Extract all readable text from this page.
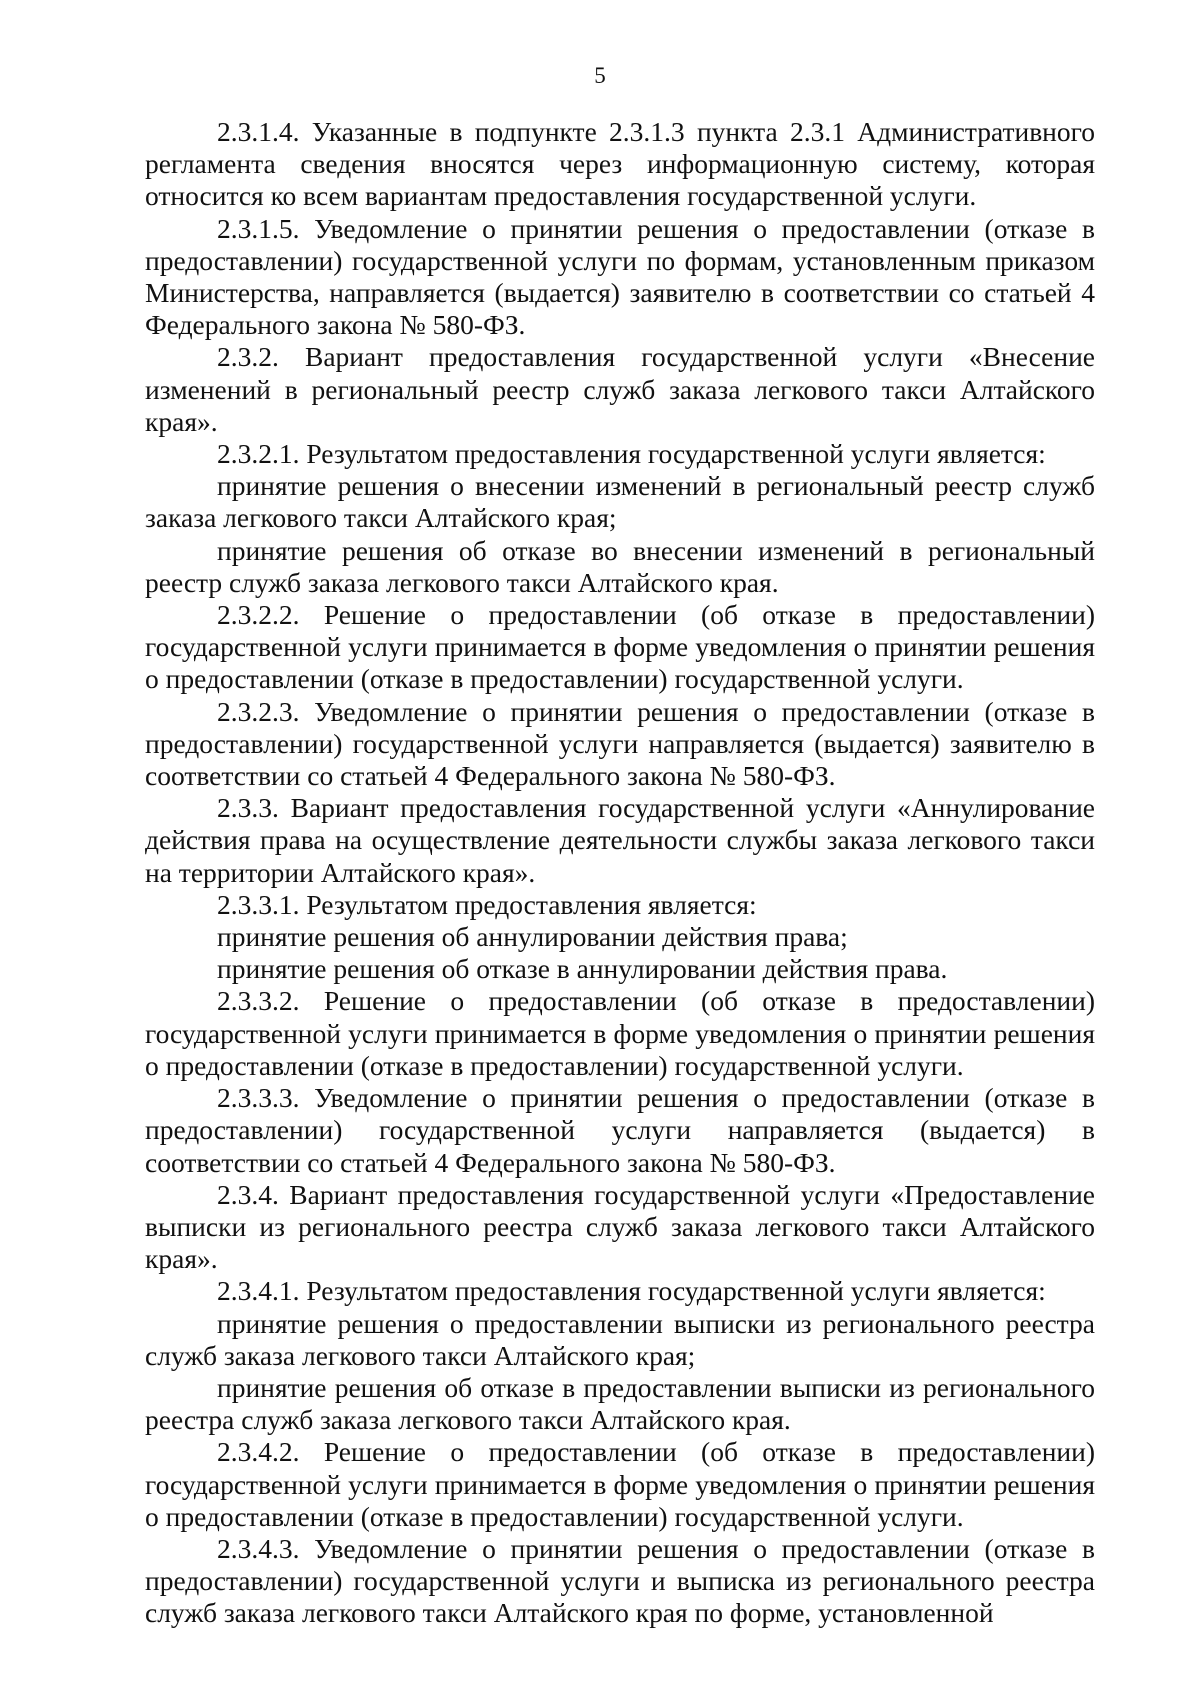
5

2.3.1.4. Указанные в подпункте 2.3.1.3 пункта 2.3.1 Административного регламента сведения вносятся через информационную систему, которая относится ко всем вариантам предоставления государственной услуги.

2.3.1.5. Уведомление о принятии решения о предоставлении (отказе в предоставлении) государственной услуги по формам, установленным приказом Министерства, направляется (выдается) заявителю в соответствии со статьей 4 Федерального закона № 580-ФЗ.

2.3.2. Вариант предоставления государственной услуги «Внесение изменений в региональный реестр служб заказа легкового такси Алтайского края».

2.3.2.1. Результатом предоставления государственной услуги является:

принятие решения о внесении изменений в региональный реестр служб заказа легкового такси Алтайского края;

принятие решения об отказе во внесении изменений в региональный реестр служб заказа легкового такси Алтайского края.

2.3.2.2. Решение о предоставлении (об отказе в предоставлении) государственной услуги принимается в форме уведомления о принятии решения о предоставлении (отказе в предоставлении) государственной услуги.

2.3.2.3. Уведомление о принятии решения о предоставлении (отказе в предоставлении) государственной услуги направляется (выдается) заявителю в соответствии со статьей 4 Федерального закона № 580-ФЗ.

2.3.3. Вариант предоставления государственной услуги «Аннулирование действия права на осуществление деятельности службы заказа легкового такси на территории Алтайского края».

2.3.3.1. Результатом предоставления является:

принятие решения об аннулировании действия права;

принятие решения об отказе в аннулировании действия права.

2.3.3.2. Решение о предоставлении (об отказе в предоставлении) государственной услуги принимается в форме уведомления о принятии решения о предоставлении (отказе в предоставлении) государственной услуги.

2.3.3.3. Уведомление о принятии решения о предоставлении (отказе в предоставлении) государственной услуги направляется (выдается) в соответствии со статьей 4 Федерального закона № 580-ФЗ.

2.3.4. Вариант предоставления государственной услуги «Предоставление выписки из регионального реестра служб заказа легкового такси Алтайского края».

2.3.4.1. Результатом предоставления государственной услуги является:

принятие решения о предоставлении выписки из регионального реестра служб заказа легкового такси Алтайского края;

принятие решения об отказе в предоставлении выписки из регионального реестра служб заказа легкового такси Алтайского края.

2.3.4.2. Решение о предоставлении (об отказе в предоставлении) государственной услуги принимается в форме уведомления о принятии решения о предоставлении (отказе в предоставлении) государственной услуги.

2.3.4.3. Уведомление о принятии решения о предоставлении (отказе в предоставлении) государственной услуги и выписка из регионального реестра служб заказа легкового такси Алтайского края по форме, установленной
